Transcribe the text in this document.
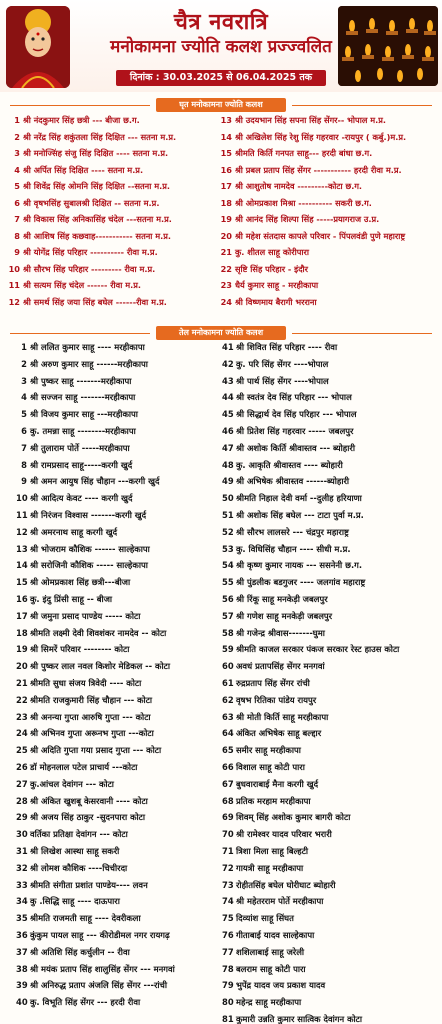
चैत्र नवरात्रि
मनोकामना ज्योति कलश प्रज्ज्वलित
दिनांक : 30.03.2025 से 06.04.2025 तक
घृत मनोकामना ज्योति कलश
1 श्री नंदकुमार सिंह छत्री --- बीजा छ.ग.
2 श्री नरेंद्र सिंह शकुंतला सिंह दिक्षित --- सतना म.प्र.
3 श्री मनोज्सिंह संजु सिंह दिक्षित ---- सतना म.प्र.
4 श्री अर्पित सिंह दिक्षित ---- सतना म.प्र.
5 श्री शिवेंद्र सिंह ओमनि सिंह दिक्षित --सतना म.प्र.
6 श्री वृषभसिंह सुबालश्री दिक्षित -- सतना म.प्र.
7 श्री विकास सिंह अनिकासिंह चंदेल ---सतना म.प्र.
8 श्री आशिष सिंह कछवाह----------- सतना म.प्र.
9 श्री योगेंद्र सिंह परिहार ---------- रीवा म.प्र.
10 श्री सौरभ सिंह परिहार --------- रीवा म.प्र.
11 श्री सत्यम सिंह चंदेल ------ रीवा म.प्र.
12 श्री समर्थ सिंह जया सिंह बघेल ------रीवा म.प्र.
13 श्री उदयभान सिंह सपना सिंह सेंगर-- भोपाल म.प्र.
14 श्री अखिलेश सिंह रेशु सिंह गहरवार -रायपुर ( कर्बु.)म.प्र.
15 श्रीमति किर्ति गनपत साहू--- हरदी बांधा छ.ग.
16 श्री प्रबल प्रताप सिंह सेंगर ----------- हरदी रीवा म.प्र.
17 श्री आशुतोष नामदेव ---------कोटा छ.ग.
18 श्री ओमप्रकाश मिश्रा ---------- सकरी छ.ग.
19 श्री आनंद सिंह शिल्पा सिंह -----प्रयागराज उ.प्र.
20 श्री महेश संतदास कापले परिवार - पिंपलवंडी पुणे महाराष्ट्र
21 कु. शीतल साहू कोरीपारा
22 सृष्टि सिंह परिहार - इंदौर
23 धैर्य कुमार साहू - मरहीकापा
24 श्री विष्णमाय बैरागी भरराना
तेल मनोकामना ज्योति कलश
1 श्री ललित कुमार साहू ---- मरहीकापा
2 श्री अरुण कुमार साहू ------मरहीकापा
3 श्री पुष्कर साहू -------मरहीकापा
4 श्री सज्जन साहू -------मरहीकापा
5 श्री विजय कुमार साहू ---मरहीकापा
6 कु. तमन्ना साहू --------मरहीकापा
7 श्री तुलाराम पोर्ते -----मरहीकापा
8 श्री रामप्रसाद साहू-----करगी खुर्द
9 श्री अमन आयुष सिंह चौहान ---करगी खुर्द
10 श्री आदित्य केवट ---- करगी खुर्द
11 श्री निरंजन विश्वास -------करगी खुर्द
12 श्री अमरनाथ साहू करगी खुर्द
13 श्री भोजराम कौशिक ------ साल्हेकापा
14 श्री सरोजिनी कौशिक ----- साल्हेकापा
15 श्री ओमप्रकाश सिंह छत्री---बीजा
16 कु. इंदु प्रिंसी साहू -- बीजा
17 श्री जमुना प्रसाद पाण्डेय ----- कोटा
18 श्रीमति लक्ष्मी देवी शिवशंकर नामदेव -- कोटा
19 श्री सिमरें परिवार -------- कोटा
20 श्री पुष्कर लाल नवल किशोर मेडिकल -- कोटा
21 श्रीमति सुधा संजय त्रिवेदी ---- कोटा
22 श्रीमति राजकुमारी सिंह चौहान --- कोटा
23 श्री अनन्या गुप्ता आरुषि गुप्ता --- कोटा
24 श्री अभिनव गुप्ता अरूनभ गुप्ता ---कोटा
25 श्री अदिति गुप्ता गया प्रसाद गुप्ता --- कोटा
26 डॉ मोहनलाल पटेल प्राचार्य ---कोटा
27 कु.आंचल देवांगन --- कोटा
28 श्री अंकित खुशबू केसरवानी ---- कोटा
29 श्री अजय सिंह ठाकुर -सुदनपारा कोटा
30 वर्तिका प्रतिक्षा देवांगन --- कोटा
31 श्री लिखेश आस्था साहू सकरी
32 श्री लोमश कौशिक ----चिचीरदा
33 श्रीमति संगीता प्रशांत पाण्डेय---- लवन
34 कु .सिद्धि साहू ---- दाऊपारा
35 श्रीमति राजमती साहू ---- देवरीकला
36 कुंकुम पायल साहू --- कीरोडीमल नगर रायगढ़
37 श्री अतिशि सिंह कर्चुलीन -- रीवा
38 श्री मयंक प्रताप सिंह शालुसिंह सेंगर --- मनगवां
39 श्री अनिरुद्ध प्रताप अंजलि सिंह सेंगर ---रांची
40 कु. विभूति सिंह सेंगर --- हरदी रीवा
41 श्री शिवित सिंह परिहार ---- रीवा
42 कु. परि सिंह सेंगर ----भोपाल
43 श्री पार्थ सिंह सेंगर ----भोपाल
44 श्री स्वतंत्र देव सिंह परिहार --- भोपाल
45 श्री सिद्धार्थ देव सिंह परिहार --- भोपाल
46 श्री प्रितेश सिंह गहरवार ----- जबलपुर
47 श्री अशोक किर्ति श्रीवास्तव --- ब्योहारी
48 कु. आकृति श्रीवास्तव ---- ब्योहारी
49 श्री अभिषेक श्रीवास्तव ------ब्योहारी
50 श्रीमति निहाल देवी वर्मा --दुलीह हरियाणा
51 श्री अशोक सिंह बघेल --- टाटा पुर्वा म.प्र.
52 श्री सौरभ लालसरे --- चंद्रपुर महाराष्ट्र
53 कु. विधिसिंह चौहान ---- सीधी म.प्र.
54 श्री कृष्ण कुमार नायक --- ससनेनी छ.ग.
55 श्री पुंडलीक बडगुजर ---- जलगांव महाराष्ट्र
56 श्री रिंकू साहू मनकेड़ी जबलपुर
57 श्री गणेश साहू मनकेड़ी जबलपुर
58 श्री गजेन्द्र श्रीवास-------घुमा
59 श्रीमति काजल सरकार पंकज सरकार रेस्ट हाउस कोटा
60 अवधं प्रतापसिंह सेंगर मनगवां
61 रुद्रप्रताप सिंह सेंगर रांची
62 वृषभ रितिका पांडेय रायपुर
63 श्री मोती किर्ति साहू मरहीकापा
64 अंकित अभिषेक साहू बल्द्दार
65 समीर साहू मरहीकापा
66 विशाल साहू कोटी पारा
67 बुधवाराबाई मैना करगी खुर्द
68 प्रतिक मरहाम मरहीकापा
69 शिवम् सिंह अशोक कुमार बागरी कोटा
70 श्री रामेश्वर यादव परिवार भरारी
71 त्रिशा मिला साहू बिल्हटी
72 गायत्री साहू मरहीकापा
73 रोहीतसिंह बघेल घोरीघाट ब्योहारी
74 श्री महेतरराम पोर्ते मरहीकापा
75 दिव्यांश साहू सिंघत
76 गीताबाई यादव साल्हेकापा
77 शशिलाबाई साहू जरेली
78 बलराम साहू कोटी पारा
79 भुपेंद्र यादव जय प्रकाश यादव
80 महेन्द्र साहू मरहीकापा
81 कुमारी उन्नति कुमार सात्विक देवांगन कोटा
